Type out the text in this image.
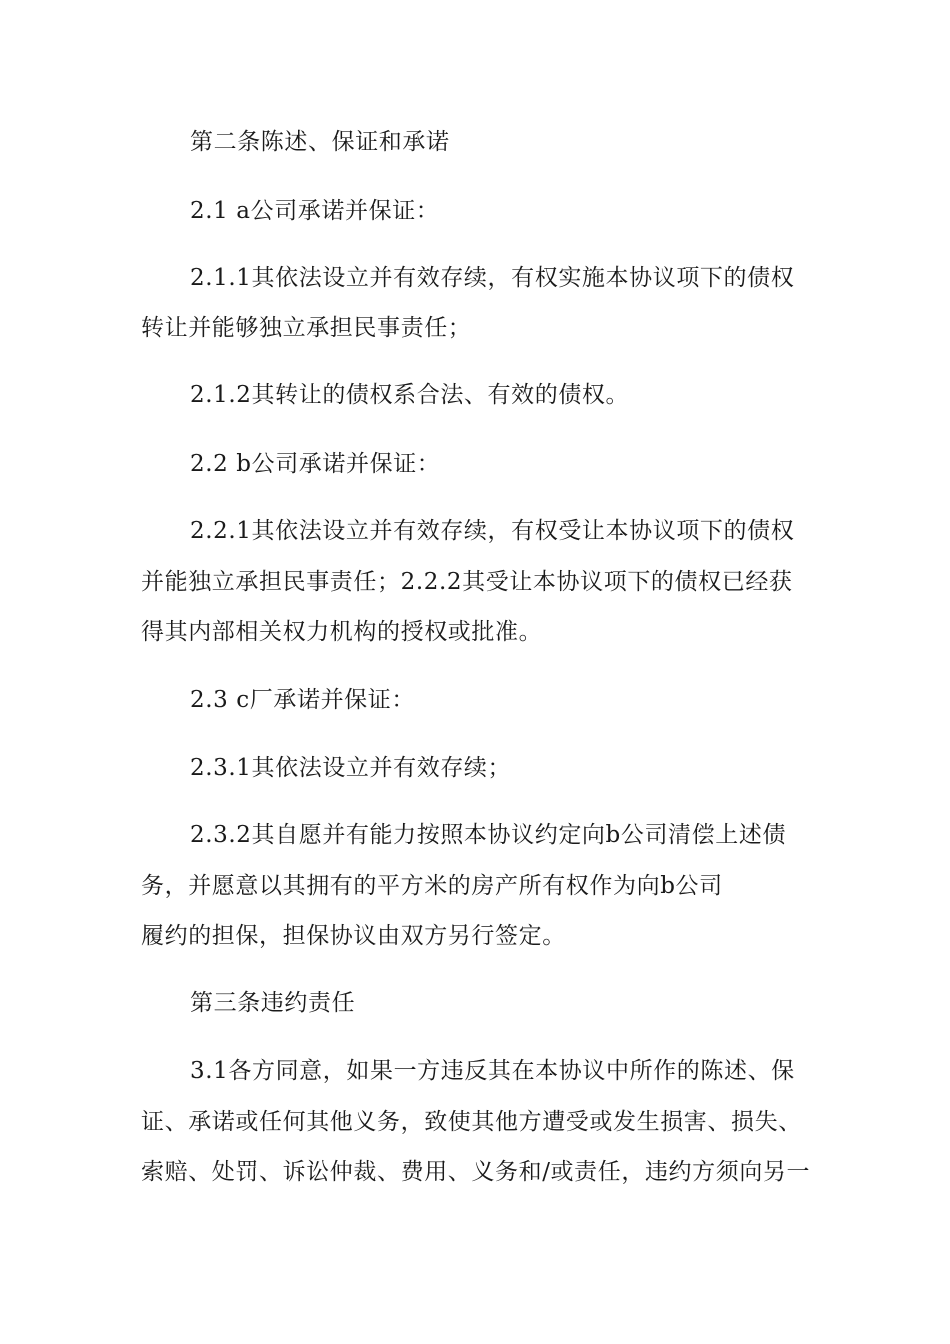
第二条陈述、保证和承诺
2.1 a公司承诺并保证：
2.1.1其依法设立并有效存续，有权实施本协议项下的债权
转让并能够独立承担民事责任；
2.1.2其转让的债权系合法、有效的债权。
2.2 b公司承诺并保证：
2.2.1其依法设立并有效存续，有权受让本协议项下的债权
并能独立承担民事责任；2.2.2其受让本协议项下的债权已经获
得其内部相关权力机构的授权或批准。
2.3 c厂承诺并保证：
2.3.1其依法设立并有效存续；
2.3.2其自愿并有能力按照本协议约定向b公司清偿上述债
务，并愿意以其拥有的平方米的房产所有权作为向b公司
履约的担保，担保协议由双方另行签定。
第三条违约责任
3.1各方同意，如果一方违反其在本协议中所作的陈述、保
证、承诺或任何其他义务，致使其他方遭受或发生损害、损失、
索赔、处罚、诉讼仲裁、费用、义务和/或责任，违约方须向另一
